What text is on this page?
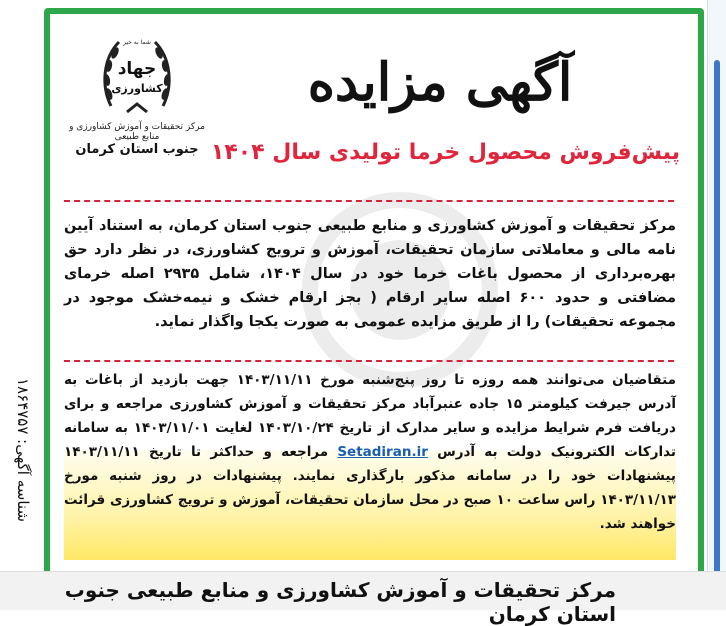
شناسه آگهی: ۱۸۶۴۷۵۷
شما به خیر
جهاد
کشاورزی
مرکز تحقیقات و آموزش کشاورزی و منابع طبیعی
جنوب استان کرمان
آگهی مزایده
پیش‌فروش محصول خرما تولیدی سال ۱۴۰۴
مرکز تحقیقات و آموزش کشاورزی و منابع طبیعی جنوب استان کرمان، به استناد آیین نامه مالی و معاملاتی سازمان تحقیقات، آموزش و ترویج کشاورزی، در نظر دارد حق بهره‌برداری از محصول باغات خرما خود در سال ۱۴۰۴، شامل ۲۹۳۵ اصله خرمای مضافتی و حدود ۶۰۰ اصله سایر ارقام ( بجز ارقام خشک و نیمه‌خشک موجود در مجموعه تحقیقات) را از طریق مزایده عمومی به صورت یکجا واگذار نماید.
متقاضیان می‌توانند همه روزه تا روز پنج‌شنبه مورخ ۱۴۰۳/۱۱/۱۱ جهت بازدید از باغات به آدرس جیرفت کیلومتر ۱۵ جاده عنبرآباد مرکز تحقیقات و آموزش کشاورزی مراجعه و برای دریافت فرم شرایط مزایده و سایر مدارک از تاریخ ۱۴۰۳/۱۰/۲۴ لغایت ۱۴۰۳/۱۱/۰۱ به سامانه تدارکات الکترونیک دولت به آدرس Setadiran.ir مراجعه و حداکثر تا تاریخ ۱۴۰۳/۱۱/۱۱ پیشنهادات خود را در سامانه مذکور بارگذاری نمایند. پیشنهادات در روز شنبه مورخ ۱۴۰۳/۱۱/۱۳ راس ساعت ۱۰ صبح در محل سازمان تحقیقات، آموزش و ترویج کشاورزی قرائت خواهند شد.
مرکز تحقیقات و آموزش کشاورزی و منابع طبیعی جنوب استان کرمان
